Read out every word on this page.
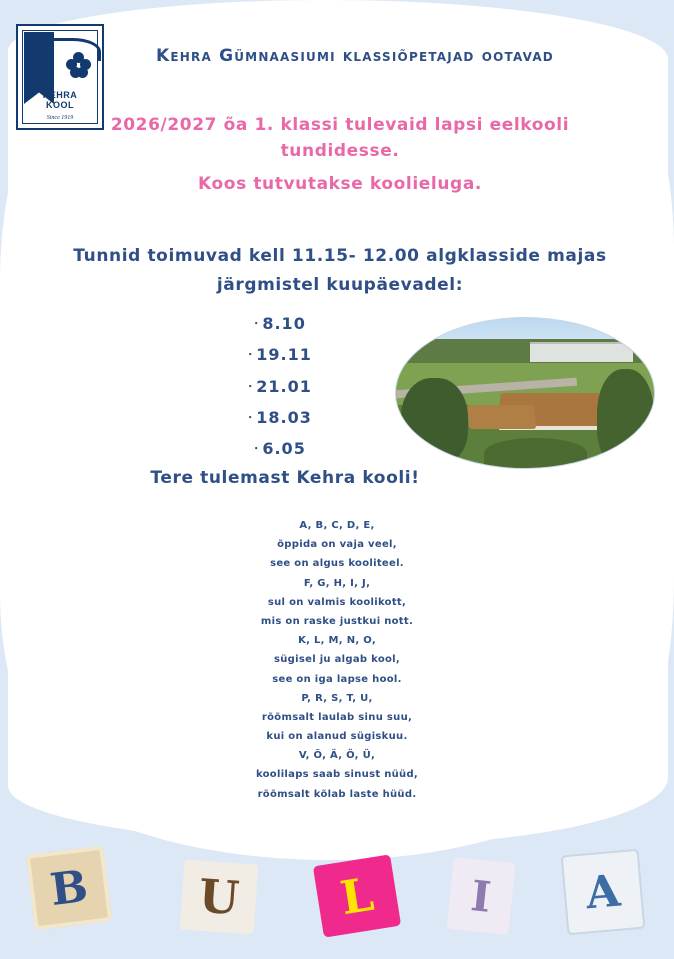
KEHRA
KOOL
Since 1919
Kehra Gümnaasiumi klassiõpetajad ootavad
2026/2027 õa 1. klassi tulevaid lapsi eelkooli tundidesse.
Koos tutvutakse koolieluga.
Tunnid toimuvad kell 11.15- 12.00 algklasside majas
järgmistel kuupäevadel:
∙ 8.10
∙ 19.11
∙ 21.01
∙ 18.03
∙ 6.05
Tere tulemast Kehra kooli!
A, B, C, D, E,
õppida on vaja veel,
see on algus kooliteel.
F, G, H, I, J,
sul on valmis koolikott,
mis on raske justkui nott.
K, L, M, N, O,
sügisel ju algab kool,
see on iga lapse hool.
P, R, S, T, U,
rõõmsalt laulab sinu suu,
kui on alanud sügiskuu.
V, Õ, Ä, Ö, Ü,
koolilaps saab sinust nüüd,
rõõmsalt kõlab laste hüüd.
B	U	L	I	A
